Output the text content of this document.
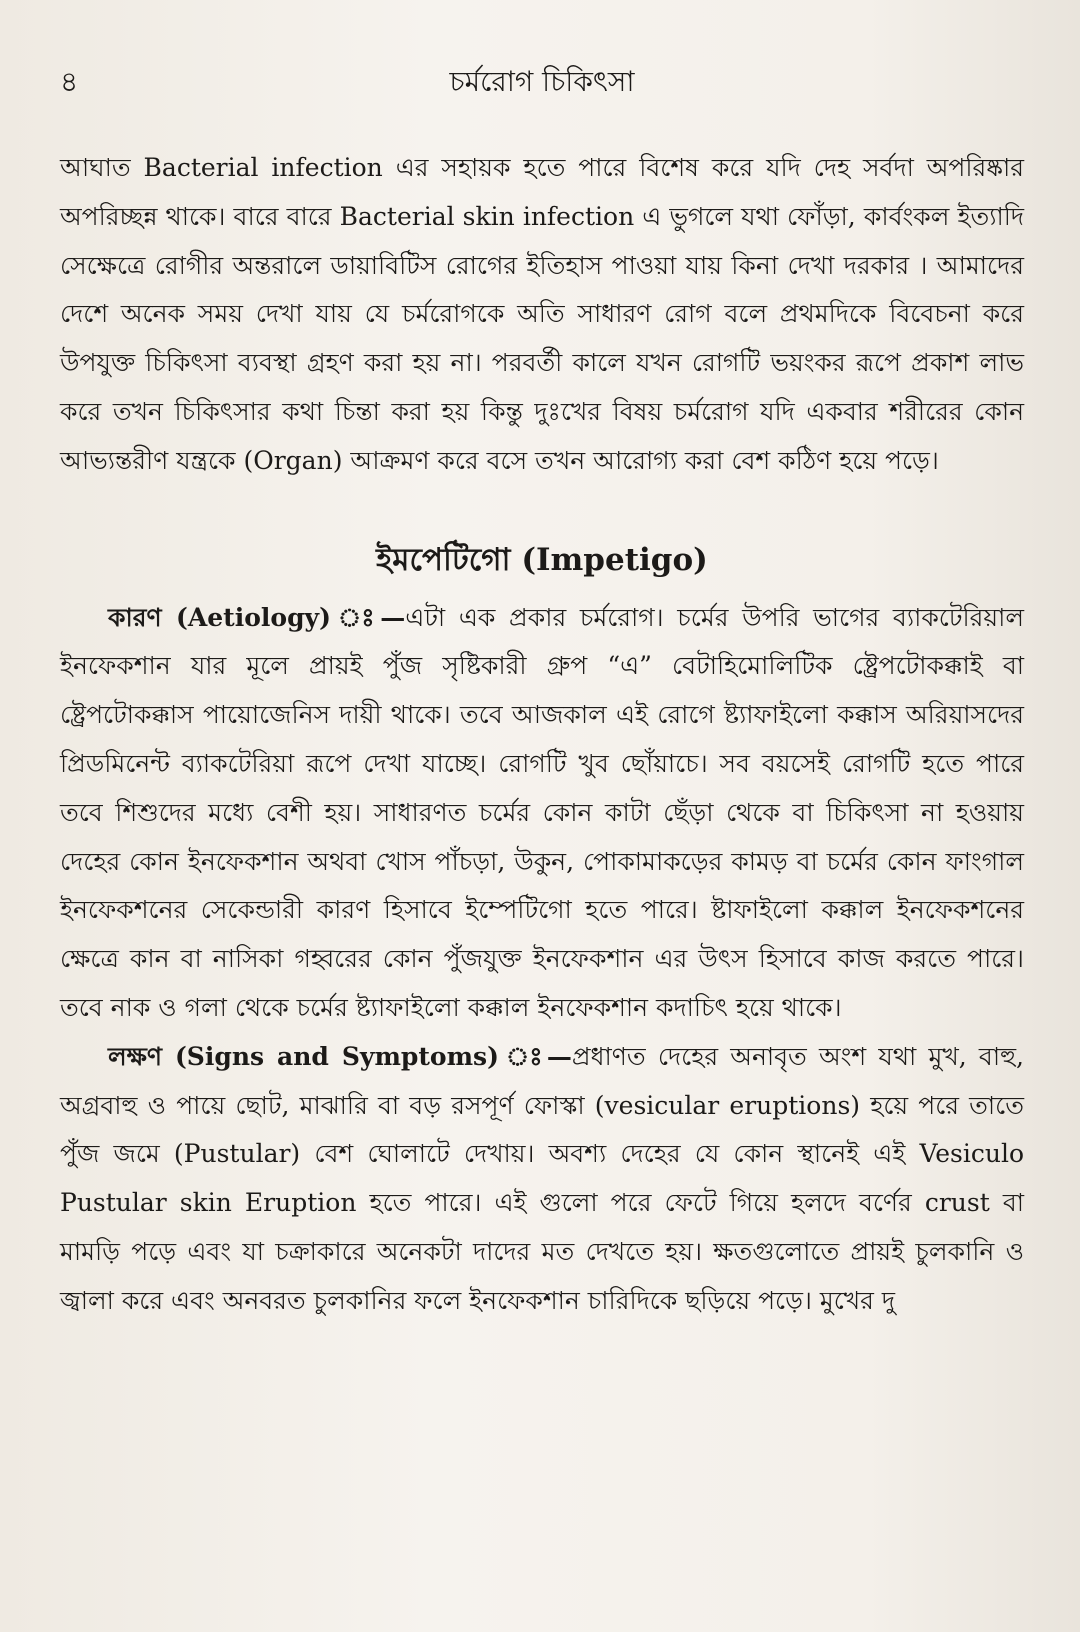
৪	চর্মরোগ চিকিৎসা

আঘাত Bacterial infection এর সহায়ক হতে পারে বিশেষ করে যদি দেহ সর্বদা অপরিষ্কার অপরিচ্ছন্ন থাকে। বারে বারে Bacterial skin infection এ ভুগলে যথা ফোঁড়া, কার্বংকল ইত্যাদি সেক্ষেত্রে রোগীর অন্তরালে ডায়াবিটিস রোগের ইতিহাস পাওয়া যায় কিনা দেখা দরকার । আমাদের দেশে অনেক সময় দেখা যায় যে চর্মরোগকে অতি সাধারণ রোগ বলে প্রথমদিকে বিবেচনা করে উপযুক্ত চিকিৎসা ব্যবস্থা গ্রহণ করা হয় না। পরবর্তী কালে যখন রোগটি ভয়ংকর রূপে প্রকাশ লাভ করে তখন চিকিৎসার কথা চিন্তা করা হয় কিন্তু দুঃখের বিষয় চর্মরোগ যদি একবার শরীরের কোন আভ্যন্তরীণ যন্ত্রকে (Organ) আক্রমণ করে বসে তখন আরোগ্য করা বেশ কঠিণ হয়ে পড়ে।

ইমপেটিগো (Impetigo)

কারণ (Aetiology) ঃ—এটা এক প্রকার চর্মরোগ। চর্মের উপরি ভাগের ব্যাকটেরিয়াল ইনফেকশান যার মূলে প্রায়ই পুঁজ সৃষ্টিকারী গ্রুপ “এ” বেটাহিমোলিটিক ষ্ট্রেপটোকক্কাই বা ষ্ট্রেপটোকক্কাস পায়োজেনিস দায়ী থাকে। তবে আজকাল এই রোগে ষ্ট্যাফাইলো কক্কাস অরিয়াসদের প্রিডমিনেন্ট ব্যাকটেরিয়া রূপে দেখা যাচ্ছে। রোগটি খুব ছোঁয়াচে। সব বয়সেই রোগটি হতে পারে তবে শিশুদের মধ্যে বেশী হয়। সাধারণত চর্মের কোন কাটা ছেঁড়া থেকে বা চিকিৎসা না হওয়ায় দেহের কোন ইনফেকশান অথবা খোস পাঁচড়া, উকুন, পোকামাকড়ের কামড় বা চর্মের কোন ফাংগাল ইনফেকশনের সেকেন্ডারী কারণ হিসাবে ইম্পেটিগো হতে পারে। ষ্টাফাইলো কক্কাল ইনফেকশনের ক্ষেত্রে কান বা নাসিকা গহ্বরের কোন পুঁজযুক্ত ইনফেকশান এর উৎস হিসাবে কাজ করতে পারে। তবে নাক ও গলা থেকে চর্মের ষ্ট্যাফাইলো কক্কাল ইনফেকশান কদাচিৎ হয়ে থাকে।

লক্ষণ (Signs and Symptoms) ঃ—প্রধাণত দেহের অনাবৃত অংশ যথা মুখ, বাহু, অগ্রবাহু ও পায়ে ছোট, মাঝারি বা বড় রসপূর্ণ ফোস্কা (vesicular eruptions) হয়ে পরে তাতে পুঁজ জমে (Pustular) বেশ ঘোলাটে দেখায়। অবশ্য দেহের যে কোন স্থানেই এই Vesiculo Pustular skin Eruption হতে পারে। এই গুলো পরে ফেটে গিয়ে হলদে বর্ণের crust বা মামড়ি পড়ে এবং যা চক্রাকারে অনেকটা দাদের মত দেখতে হয়। ক্ষতগুলোতে প্রায়ই চুলকানি ও জ্বালা করে এবং অনবরত চুলকানির ফলে ইনফেকশান চারিদিকে ছড়িয়ে পড়ে। মুখের দু
